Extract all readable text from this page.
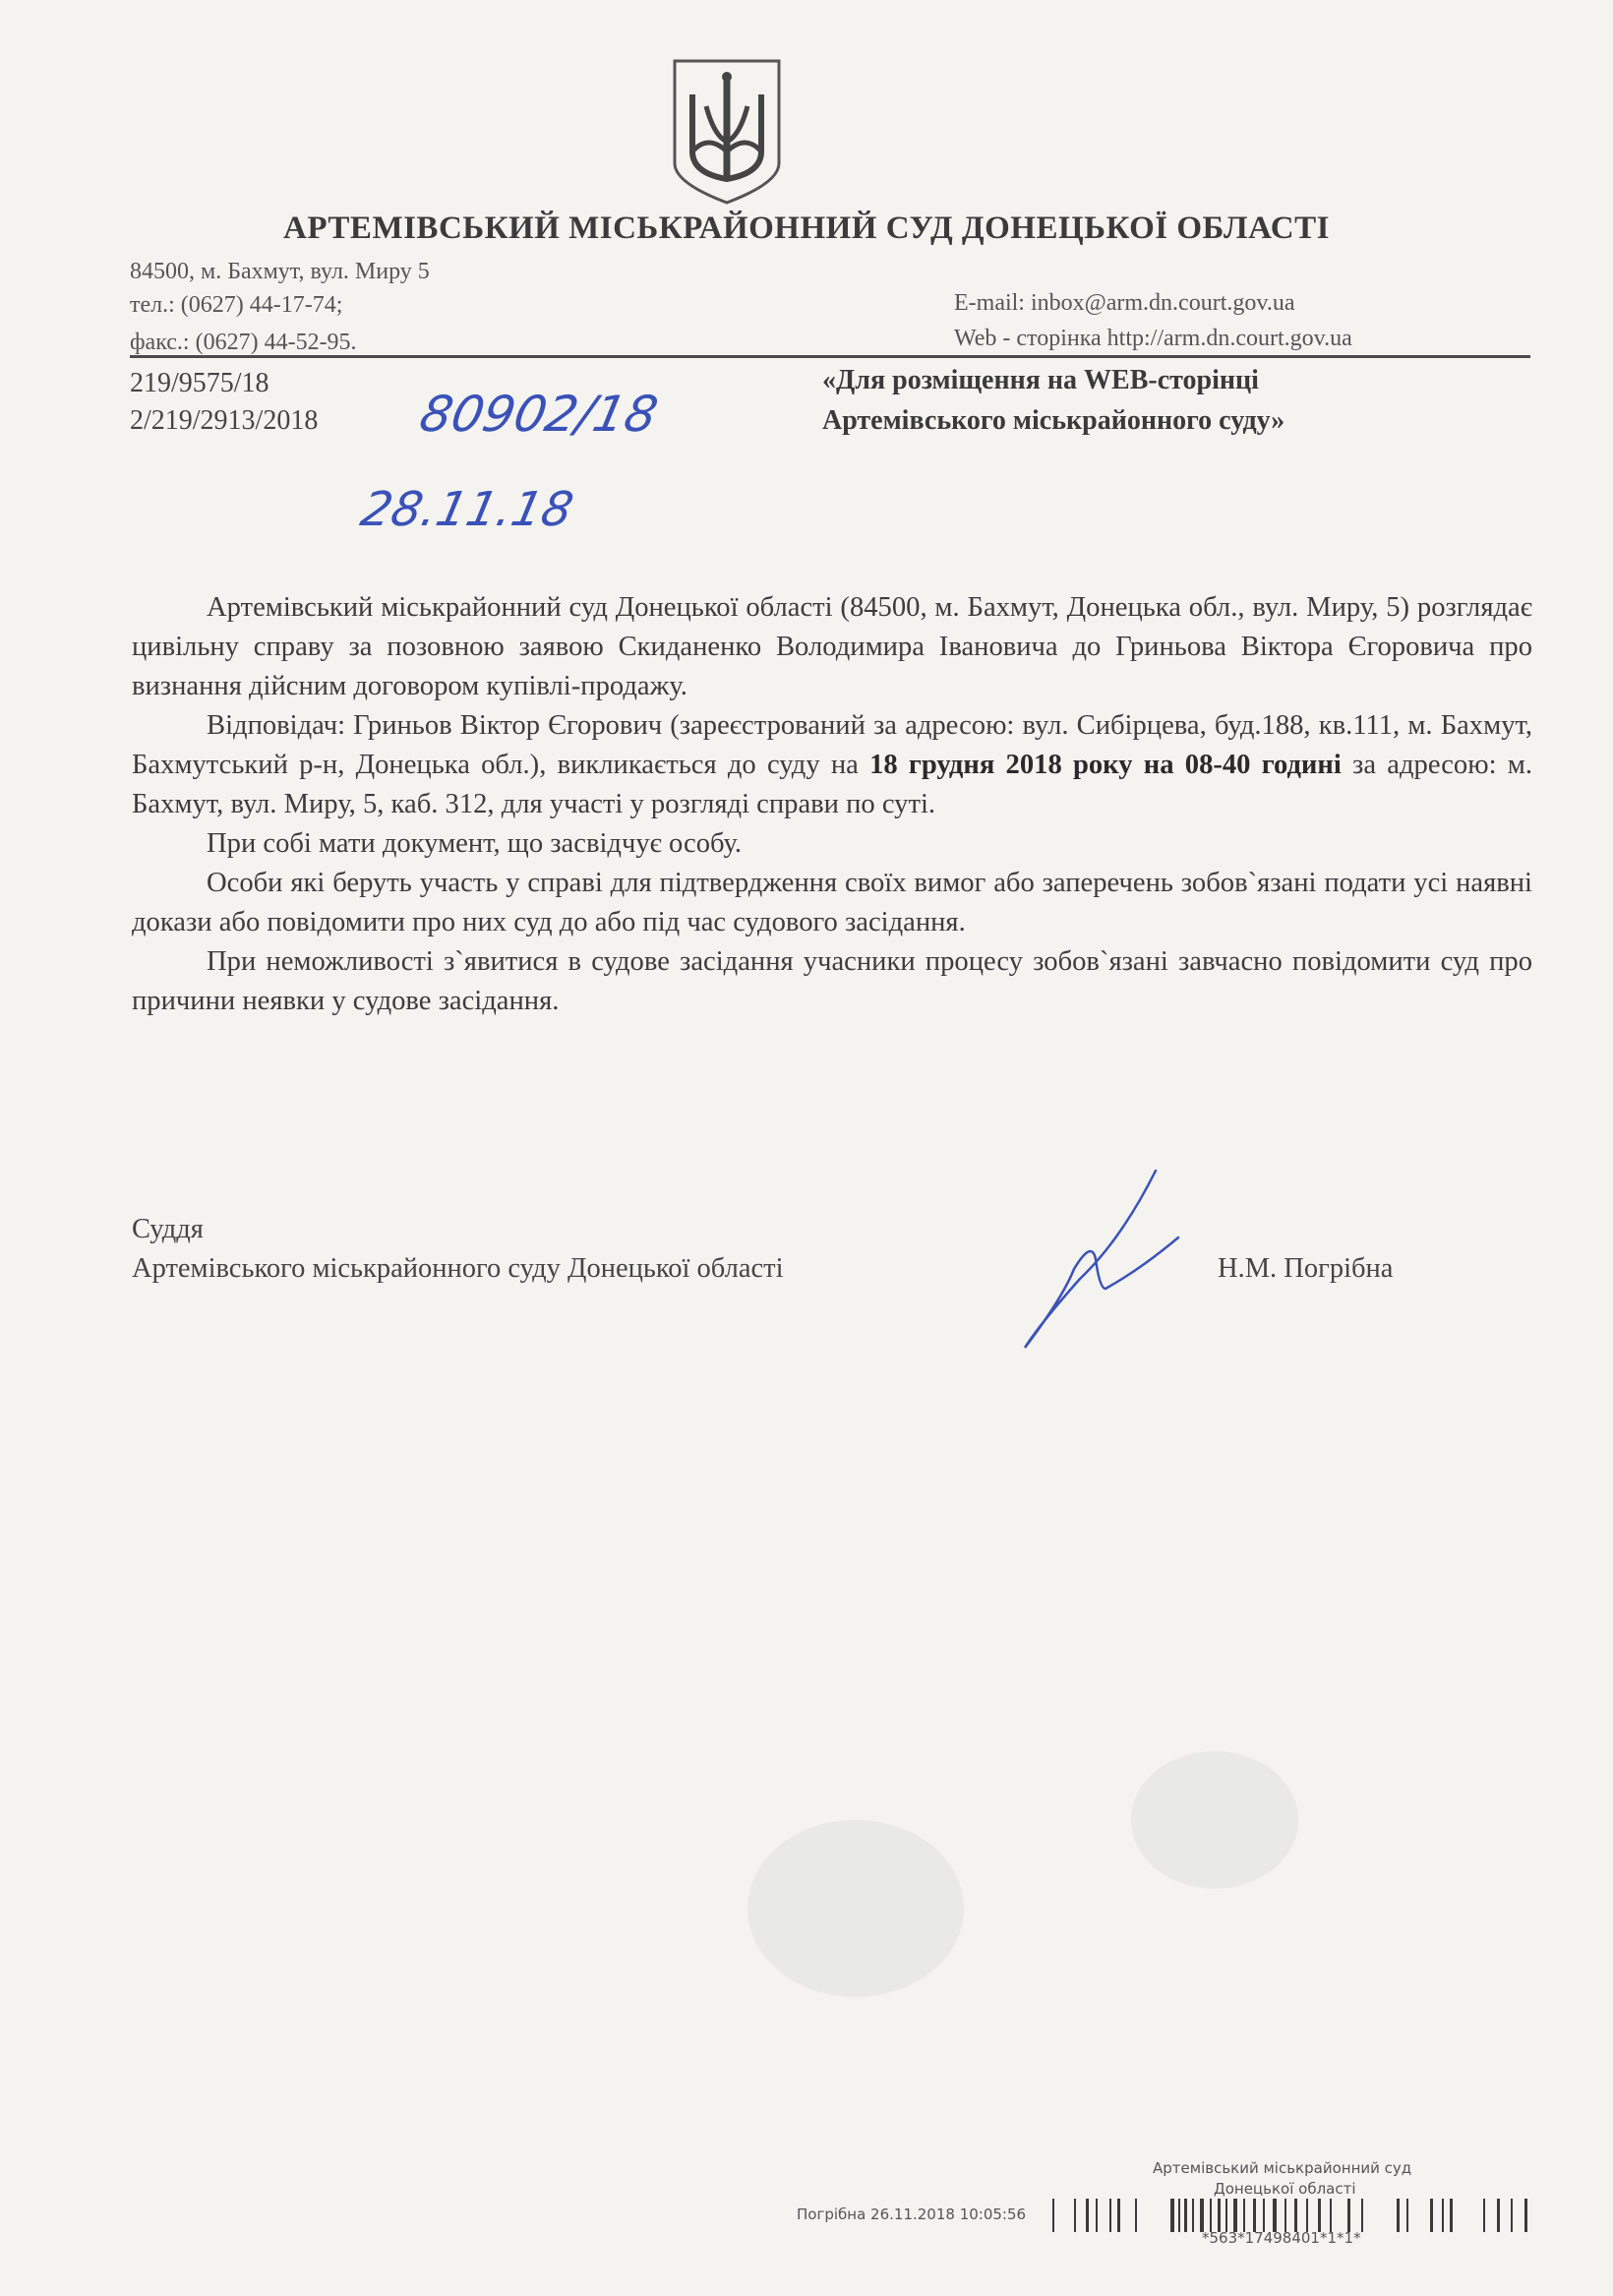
АРТЕМІВСЬКИЙ МІСЬКРАЙОННИЙ СУД ДОНЕЦЬКОЇ ОБЛАСТІ
84500, м. Бахмут, вул. Миру 5
тел.: (0627) 44-17-74;
факс.: (0627) 44-52-95.
E-mail: inbox@arm.dn.court.gov.ua
Web - сторінка http://arm.dn.court.gov.ua
219/9575/18
2/219/2913/2018 80902/18
28.11.18
«Для розміщення на WEB-сторінці
Артемівського міськрайонного суду»

Артемівський міськрайонний суд Донецької області (84500, м. Бахмут, Донецька обл., вул. Миру, 5) розглядає цивільну справу за позовною заявою Скиданенко Володимира Івановича до Гриньова Віктора Єгоровича про визнання дійсним договором купівлі-продажу.

Відповідач: Гриньов Віктор Єгорович (зареєстрований за адресою: вул. Сибірцева, буд.188, кв.111, м. Бахмут, Бахмутський р-н, Донецька обл.), викликається до суду на 18 грудня 2018 року на 08-40 годині за адресою: м. Бахмут, вул. Миру, 5, каб. 312, для участі у розгляді справи по суті.

При собі мати документ, що засвідчує особу.

Особи які беруть участь у справі для підтвердження своїх вимог або заперечень зобов`язані подати усі наявні докази або повідомити про них суд до або під час судового засідання.

При неможливості з`явитися в судове засідання учасники процесу зобов`язані завчасно повідомити суд про причини неявки у судове засідання.

Суддя
Артемівського міськрайонного суду Донецької області	Н.М. Погрібна
Артемівський міськрайонний суд
Донецької області
Погрібна 26.11.2018 10:05:56
*563*17498401*1*1*
